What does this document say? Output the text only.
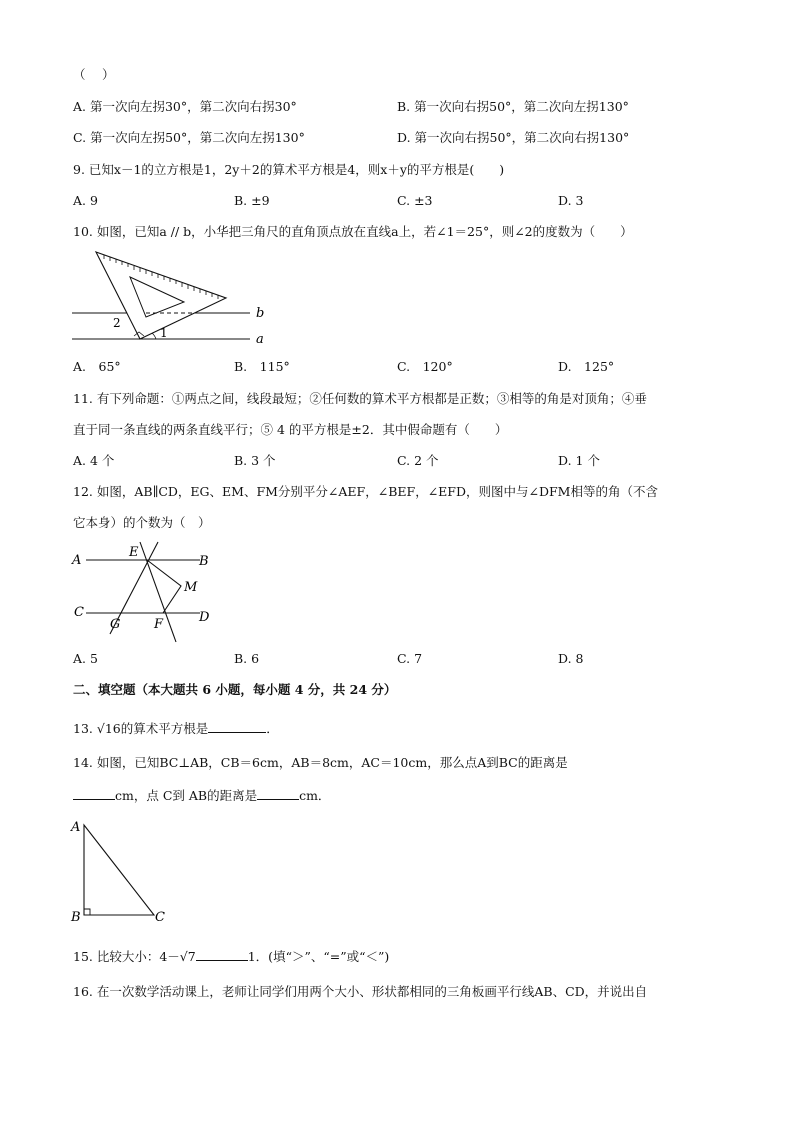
（　 ）
A. 第一次向左拐30°，第二次向右拐30°	B. 第一次向右拐50°，第二次向左拐130°
C. 第一次向左拐50°，第二次向左拐130°	D. 第一次向右拐50°，第二次向右拐130°
9. 已知x－1的立方根是1，2y＋2的算术平方根是4，则x＋y的平方根是(　　)
A. 9	B. ±9	C. ±3	D. 3
10. 如图，已知a // b，小华把三角尺的直角顶点放在直线a上，若∠1＝25°，则∠2的度数为（　　）
b
a
1
2
A.　65°	B.　115°	C.　120°	D.　125°
11. 有下列命题：①两点之间，线段最短；②任何数的算术平方根都是正数；③相等的角是对顶角；④垂
直于同一条直线的两条直线平行；⑤ 4 的平方根是±2．其中假命题有（　　）
A. 4 个	B. 3 个	C. 2 个	D. 1 个
12. 如图，AB∥CD，EG、EM、FM分别平分∠AEF，∠BEF，∠EFD，则图中与∠DFM相等的角（不含
它本身）的个数为（　）
A	B
C	D
E
F
G
M
A. 5	B. 6	C. 7	D. 8
二、填空题（本大题共 6 小题，每小题 4 分，共 24 分）
13. √16的算术平方根是	．
14. 如图，已知BC⊥AB，CB＝6cm，AB＝8cm，AC＝10cm，那么点A到BC的距离是
cm，点 C到 AB的距离是	cm．
A
B	C
15. 比较大小：4－√7	1．(填“＞”、“=”或“＜”)
16. 在一次数学活动课上，老师让同学们用两个大小、形状都相同的三角板画平行线AB、CD，并说出自
